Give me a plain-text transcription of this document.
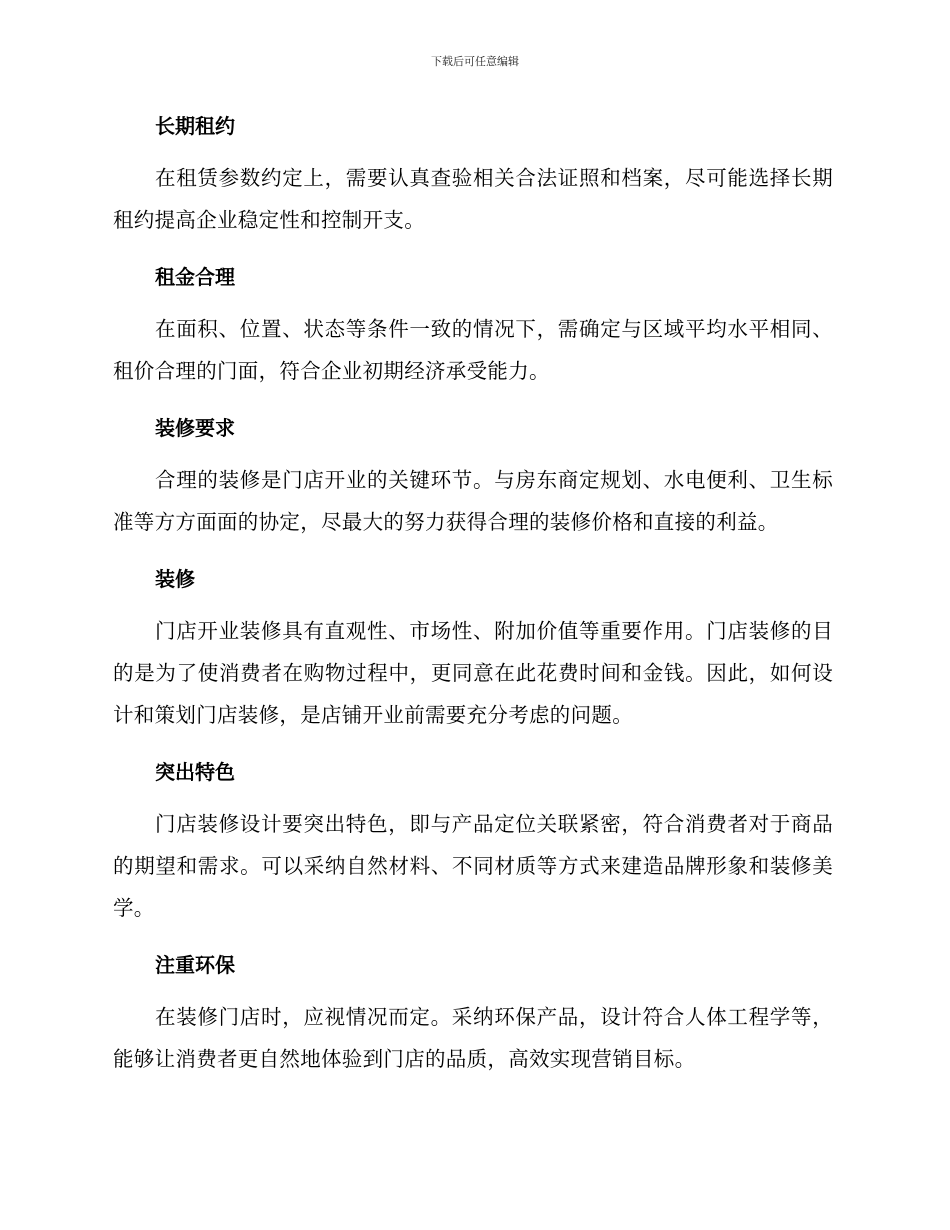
下载后可任意编辑
长期租约

在租赁参数约定上，需要认真查验相关合法证照和档案，尽可能选择长期租约提高企业稳定性和控制开支。

租金合理

在面积、位置、状态等条件一致的情况下，需确定与区域平均水平相同、租价合理的门面，符合企业初期经济承受能力。

装修要求

合理的装修是门店开业的关键环节。与房东商定规划、水电便利、卫生标准等方方面面的协定，尽最大的努力获得合理的装修价格和直接的利益。

装修

门店开业装修具有直观性、市场性、附加价值等重要作用。门店装修的目的是为了使消费者在购物过程中，更同意在此花费时间和金钱。因此，如何设计和策划门店装修，是店铺开业前需要充分考虑的问题。

突出特色

门店装修设计要突出特色，即与产品定位关联紧密，符合消费者对于商品的期望和需求。可以采纳自然材料、不同材质等方式来建造品牌形象和装修美学。

注重环保

在装修门店时，应视情况而定。采纳环保产品，设计符合人体工程学等，能够让消费者更自然地体验到门店的品质，高效实现营销目标。
